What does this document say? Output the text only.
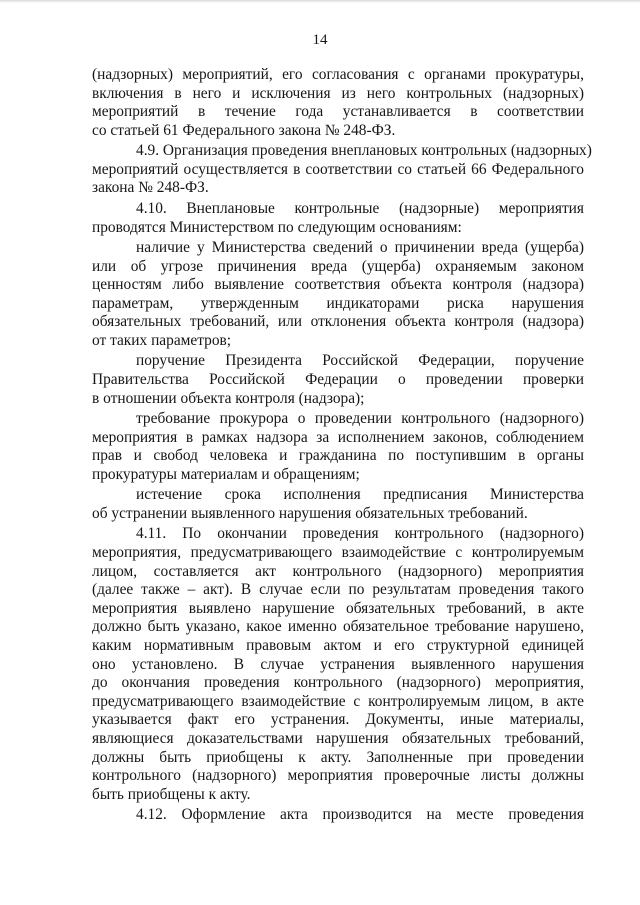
14
(надзорных) мероприятий, его согласования с органами прокуратуры,
включения в него и исключения из него контрольных (надзорных)
мероприятий в течение года устанавливается в соответствии
со статьей 61 Федерального закона № 248-ФЗ.
4.9. Организация проведения внеплановых контрольных (надзорных)
мероприятий осуществляется в соответствии со статьей 66 Федерального
закона № 248-ФЗ.
4.10. Внеплановые контрольные (надзорные) мероприятия
проводятся Министерством по следующим основаниям:
наличие у Министерства сведений о причинении вреда (ущерба)
или об угрозе причинения вреда (ущерба) охраняемым законом
ценностям либо выявление соответствия объекта контроля (надзора)
параметрам, утвержденным индикаторами риска нарушения
обязательных требований, или отклонения объекта контроля (надзора)
от таких параметров;
поручение Президента Российской Федерации, поручение
Правительства Российской Федерации о проведении проверки
в отношении объекта контроля (надзора);
требование прокурора о проведении контрольного (надзорного)
мероприятия в рамках надзора за исполнением законов, соблюдением
прав и свобод человека и гражданина по поступившим в органы
прокуратуры материалам и обращениям;
истечение срока исполнения предписания Министерства
об устранении выявленного нарушения обязательных требований.
4.11. По окончании проведения контрольного (надзорного)
мероприятия, предусматривающего взаимодействие с контролируемым
лицом, составляется акт контрольного (надзорного) мероприятия
(далее также – акт). В случае если по результатам проведения такого
мероприятия выявлено нарушение обязательных требований, в акте
должно быть указано, какое именно обязательное требование нарушено,
каким нормативным правовым актом и его структурной единицей
оно установлено. В случае устранения выявленного нарушения
до окончания проведения контрольного (надзорного) мероприятия,
предусматривающего взаимодействие с контролируемым лицом, в акте
указывается факт его устранения. Документы, иные материалы,
являющиеся доказательствами нарушения обязательных требований,
должны быть приобщены к акту. Заполненные при проведении
контрольного (надзорного) мероприятия проверочные листы должны
быть приобщены к акту.
4.12. Оформление акта производится на месте проведения
